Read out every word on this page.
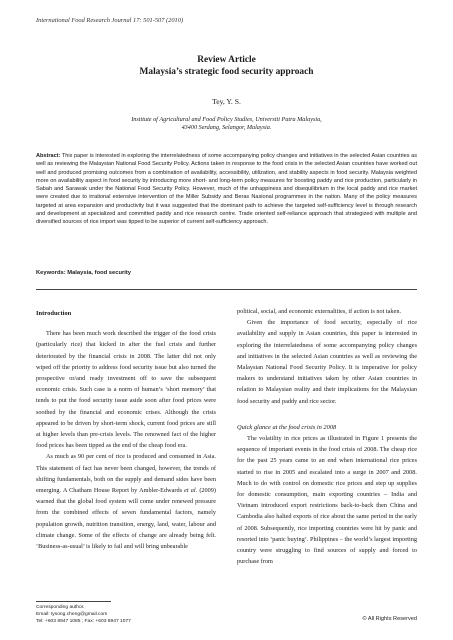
International Food Research Journal 17: 501-507 (2010)
Review Article
Malaysia’s strategic food security approach
Tey, Y. S.
Institute of Agricultural and Food Policy Studies, Universiti Putra Malaysia,
43400 Serdang, Selangor, Malaysia.
Abstract: This paper is interested in exploring the interrelatedness of some accompanying policy changes and initiatives in the selected Asian countries as well as reviewing the Malaysian National Food Security Policy. Actions taken in response to the food crisis in the selected Asian countries have worked out well and produced promising outcomes from a combination of availability, accessibility, utilization, and stability aspects in food security. Malaysia weighted more on availability aspect in food security by introducing more short- and long-term policy measures for boosting paddy and rice production, particularly in Sabah and Sarawak under the National Food Security Policy. However, much of the unhappiness and disequilibrium in the local paddy and rice market were created due to irrational extensive intervention of the Miller Subsidy and Beras Nasional programmes in the nation. Many of the policy measures targeted at area expansion and productivity but it was suggested that the dominant path to achieve the targeted self-sufficiency level is through research and development at specialized and committed paddy and rice research centre. Trade oriented self-reliance approach that strategized with multiple and diversified sources of rice import was tipped to be superior of current self-sufficiency approach.
Keywords: Malaysia, food security

Introduction

There has been much work described the trigger of the food crisis (particularly rice) that kicked in after the fuel crisis and further deteriorated by the financial crisis in 2008. The latter did not only wiped off the priority to address food security issue but also turned the prospective or/and ready investment off to save the subsequent economic crisis. Such case is a norm of human’s ‘short memory’ that tends to put the food security issue aside soon after food prices were soothed by the financial and economic crises. Although the crisis appeared to be driven by short-term shock, current food prices are still at higher levels than pre-crisis levels. The renowned fact of the higher food prices has been tipped as the end of the cheap food era.

As much as 90 per cent of rice is produced and consumed in Asia. This statement of fact has never been changed, however, the trends of shifting fundamentals, both on the supply and demand sides have been emerging. A Chatham House Report by Ambler-Edwards et al. (2009) warned that the global food system will come under renewed pressure from the combined effects of seven fundamental factors, namely population growth, nutrition transition, energy, land, water, labour and climate change. Some of the effects of change are already being felt. ‘Business-as-usual’ is likely to fail and will bring unbearable

political, social, and economic externalities, if action is not taken.

Given the importance of food security, especially of rice availability and supply in Asian countries, this paper is interested in exploring the interrelatedness of some accompanying policy changes and initiatives in the selected Asian countries as well as reviewing the Malaysian National Food Security Policy. It is imperative for policy makers to understand initiatives taken by other Asian countries in relation to Malaysian reality and their implications for the Malaysian food security and paddy and rice sector.

Quick glance at the food crisis in 2008

The volatility in rice prices as illustrated in Figure 1 presents the sequence of important events in the food crisis of 2008. The cheap rice for the past 25 years came to an end when international rice prices started to rise in 2005 and escalated into a surge in 2007 and 2008. Much to do with control on domestic rice prices and step up supplies for domestic consumption, main exporting countries – India and Vietnam introduced export restrictions back-to-back then China and Cambodia also halted exports of rice about the same period in the early of 2008. Subsequently, rice importing countries were hit by panic and resorted into ‘panic buying’. Philippines – the world’s largest importing country were struggling to find sources of supply and forced to purchase from

Corresponding author.
Email: tysong.cheng@gmail.com
Tel: +603 8947 1085 ; Fax: +603 8947 1077	© All Rights Reserved
